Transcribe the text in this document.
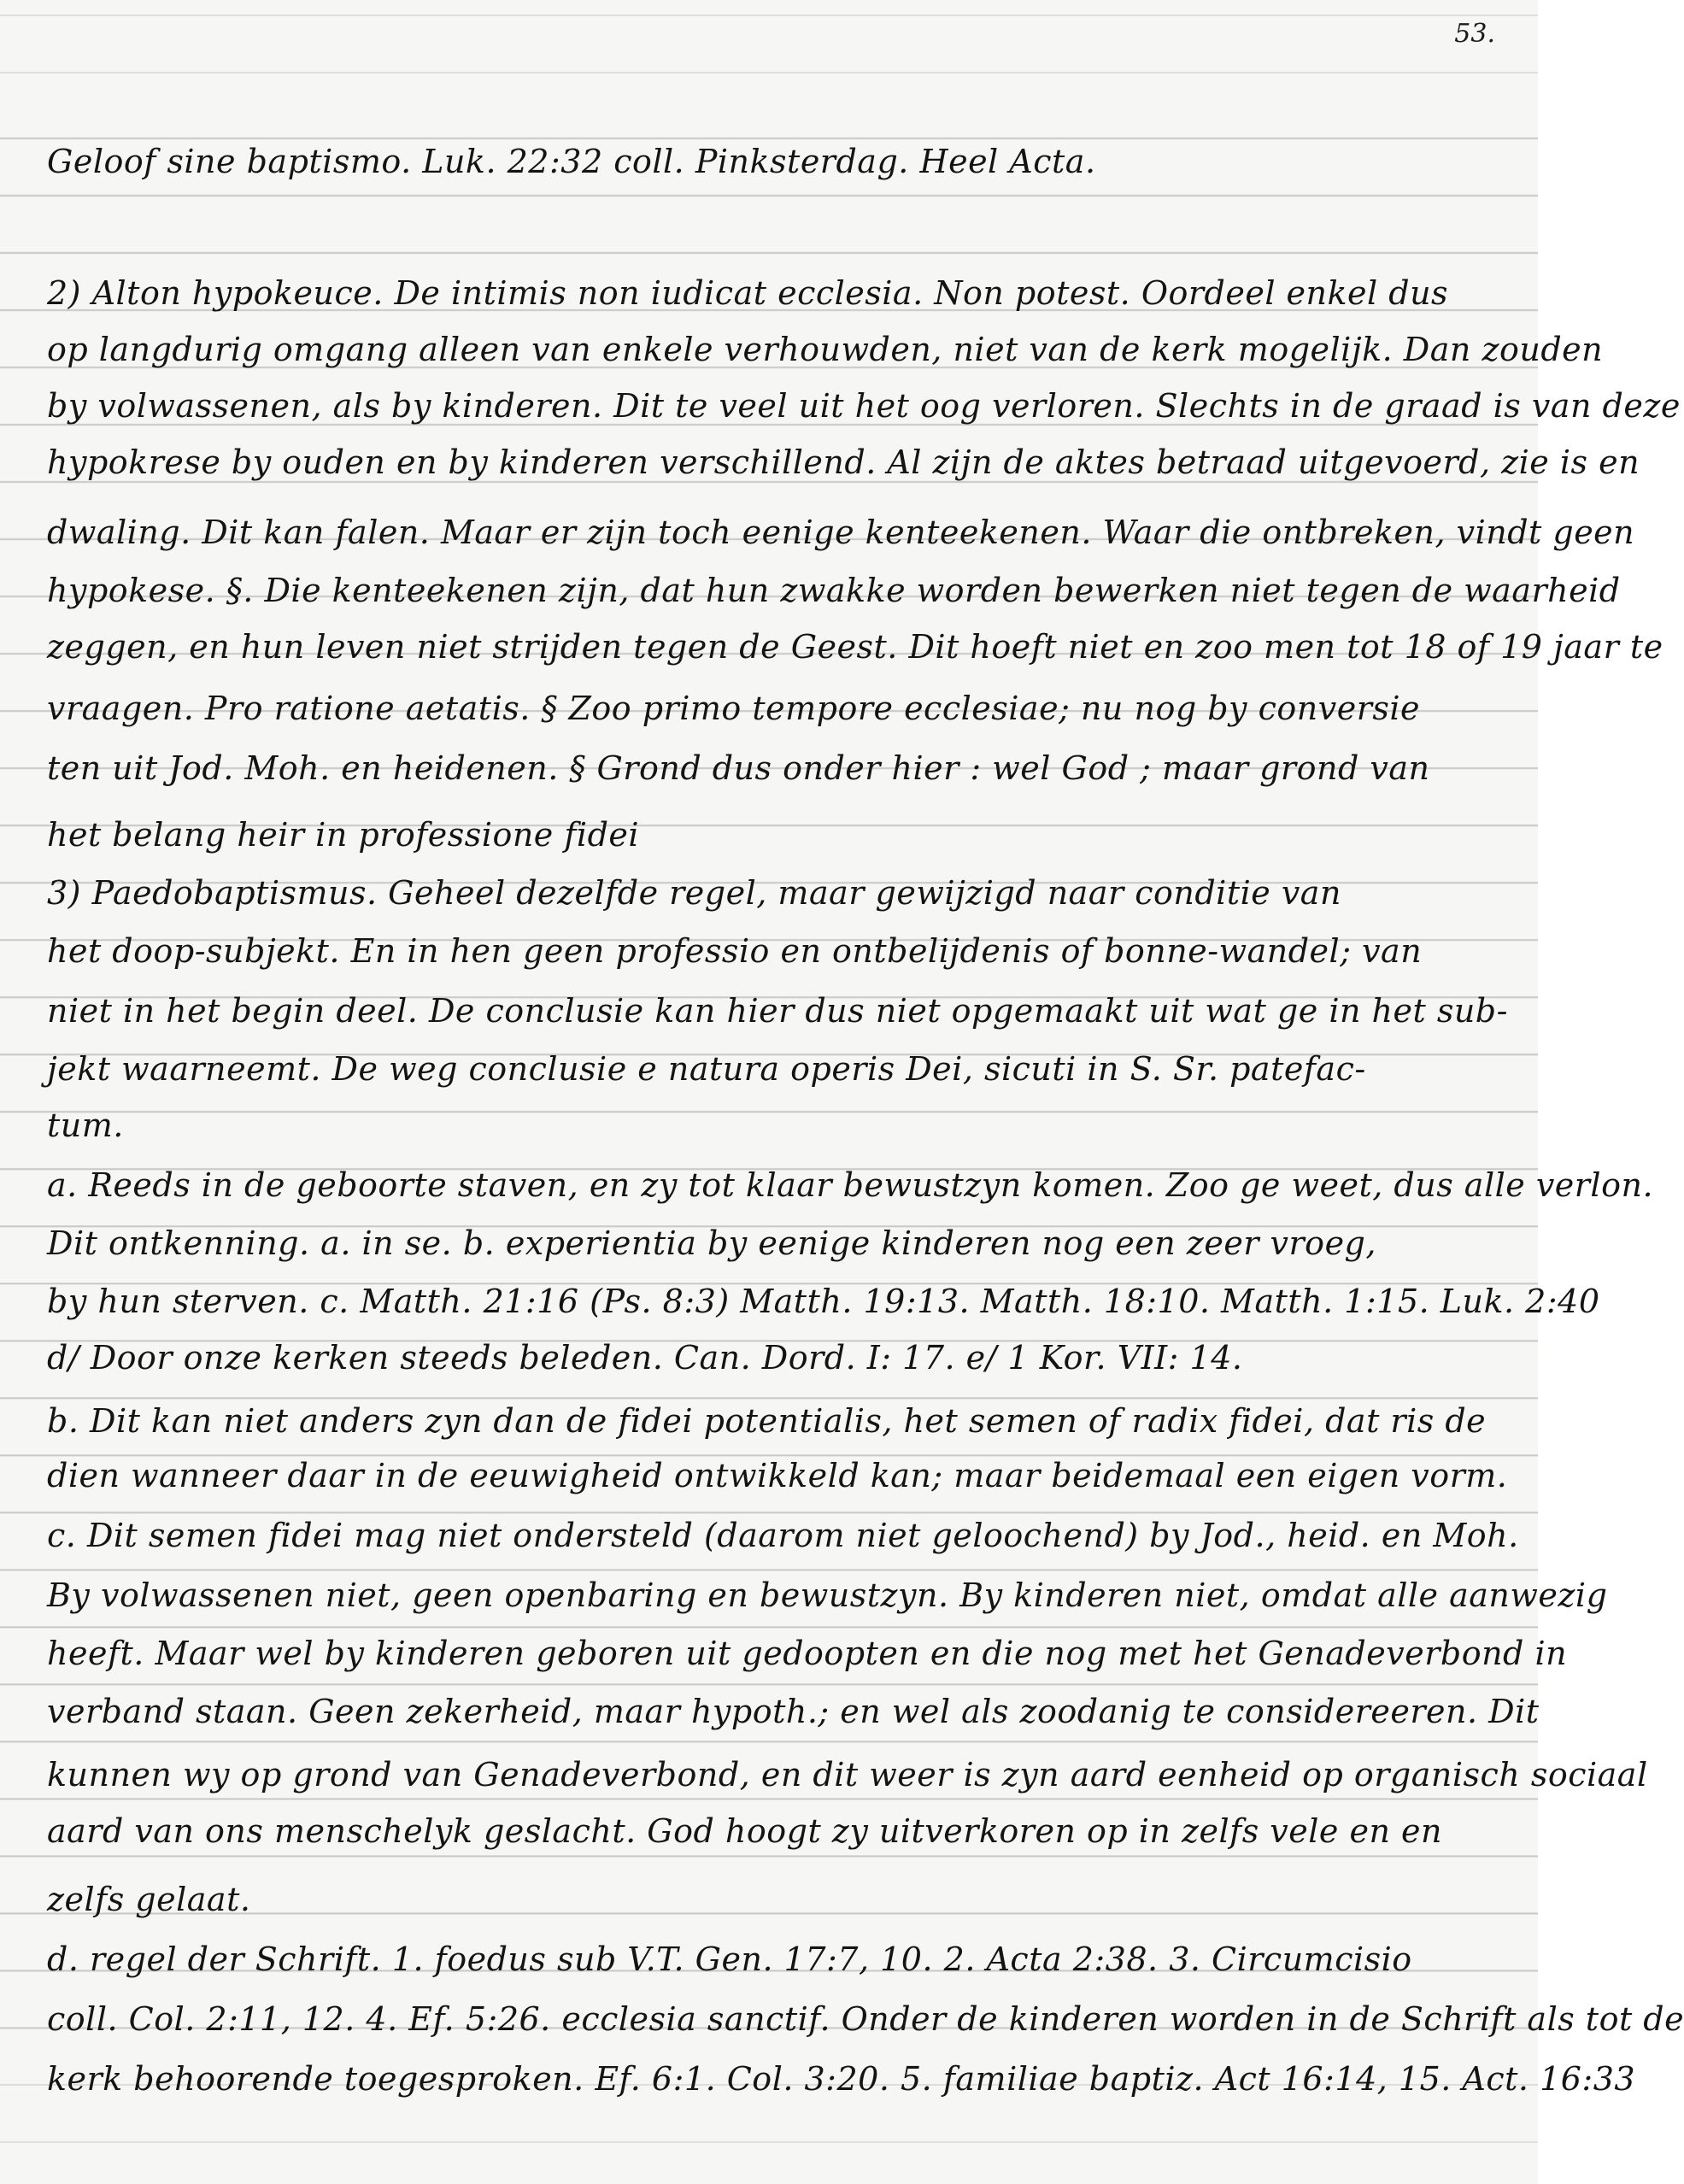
53.
Geloof sine baptismo. Luk. 22:32 coll. Pinksterdag. Heel Acta.
2) Alton hypokeuce. De intimis non iudicat ecclesia. Non potest. Oordeel enkel dus
op langdurig omgang alleen van enkele verhouwden, niet van de kerk mogelijk. Dan zouden
by volwassenen, als by kinderen. Dit te veel uit het oog verloren. Slechts in de graad is van deze
hypokrese by ouden en by kinderen verschillend. Al zijn de aktes betraad uitgevoerd, zie is en
dwaling. Dit kan falen. Maar er zijn toch eenige kenteekenen. Waar die ontbreken, vindt geen
hypokese. §. Die kenteekenen zijn, dat hun zwakke worden bewerken niet tegen de waarheid
zeggen, en hun leven niet strijden tegen de Geest. Dit hoeft niet en zoo men tot 18 of 19 jaar te
vraagen. Pro ratione aetatis. § Zoo primo tempore ecclesiae; nu nog by conversie
ten uit Jod. Moh. en heidenen. § Grond dus onder hier : wel God ; maar grond van
het belang heir in professione fidei
3) Paedobaptismus. Geheel dezelfde regel, maar gewijzigd naar conditie van
het doop-subjekt. En in hen geen professio en ontbelijdenis of bonne-wandel; van
niet in het begin deel. De conclusie kan hier dus niet opgemaakt uit wat ge in het sub-
jekt waarneemt. De weg conclusie e natura operis Dei, sicuti in S. Sr. patefac-
tum.
a. Reeds in de geboorte staven, en zy tot klaar bewustzyn komen. Zoo ge weet, dus alle verlon.
Dit ontkenning. a. in se. b. experientia by eenige kinderen nog een zeer vroeg,
by hun sterven. c. Matth. 21:16 (Ps. 8:3) Matth. 19:13. Matth. 18:10. Matth. 1:15. Luk. 2:40
d/ Door onze kerken steeds beleden. Can. Dord. I: 17. e/ 1 Kor. VII: 14.
b. Dit kan niet anders zyn dan de fidei potentialis, het semen of radix fidei, dat ris de
dien wanneer daar in de eeuwigheid ontwikkeld kan; maar beidemaal een eigen vorm.
c. Dit semen fidei mag niet ondersteld (daarom niet geloochend) by Jod., heid. en Moh.
By volwassenen niet, geen openbaring en bewustzyn. By kinderen niet, omdat alle aanwezig
heeft. Maar wel by kinderen geboren uit gedoopten en die nog met het Genadeverbond in
verband staan. Geen zekerheid, maar hypoth.; en wel als zoodanig te considereeren. Dit
kunnen wy op grond van Genadeverbond, en dit weer is zyn aard eenheid op organisch sociaal
aard van ons menschelyk geslacht. God hoogt zy uitverkoren op in zelfs vele en en
zelfs gelaat.
d. regel der Schrift. 1. foedus sub V.T. Gen. 17:7, 10. 2. Acta 2:38. 3. Circumcisio
coll. Col. 2:11, 12. 4. Ef. 5:26. ecclesia sanctif. Onder de kinderen worden in de Schrift als tot de
kerk behoorende toegesproken. Ef. 6:1. Col. 3:20. 5. familiae baptiz. Act 16:14, 15. Act. 16:33
